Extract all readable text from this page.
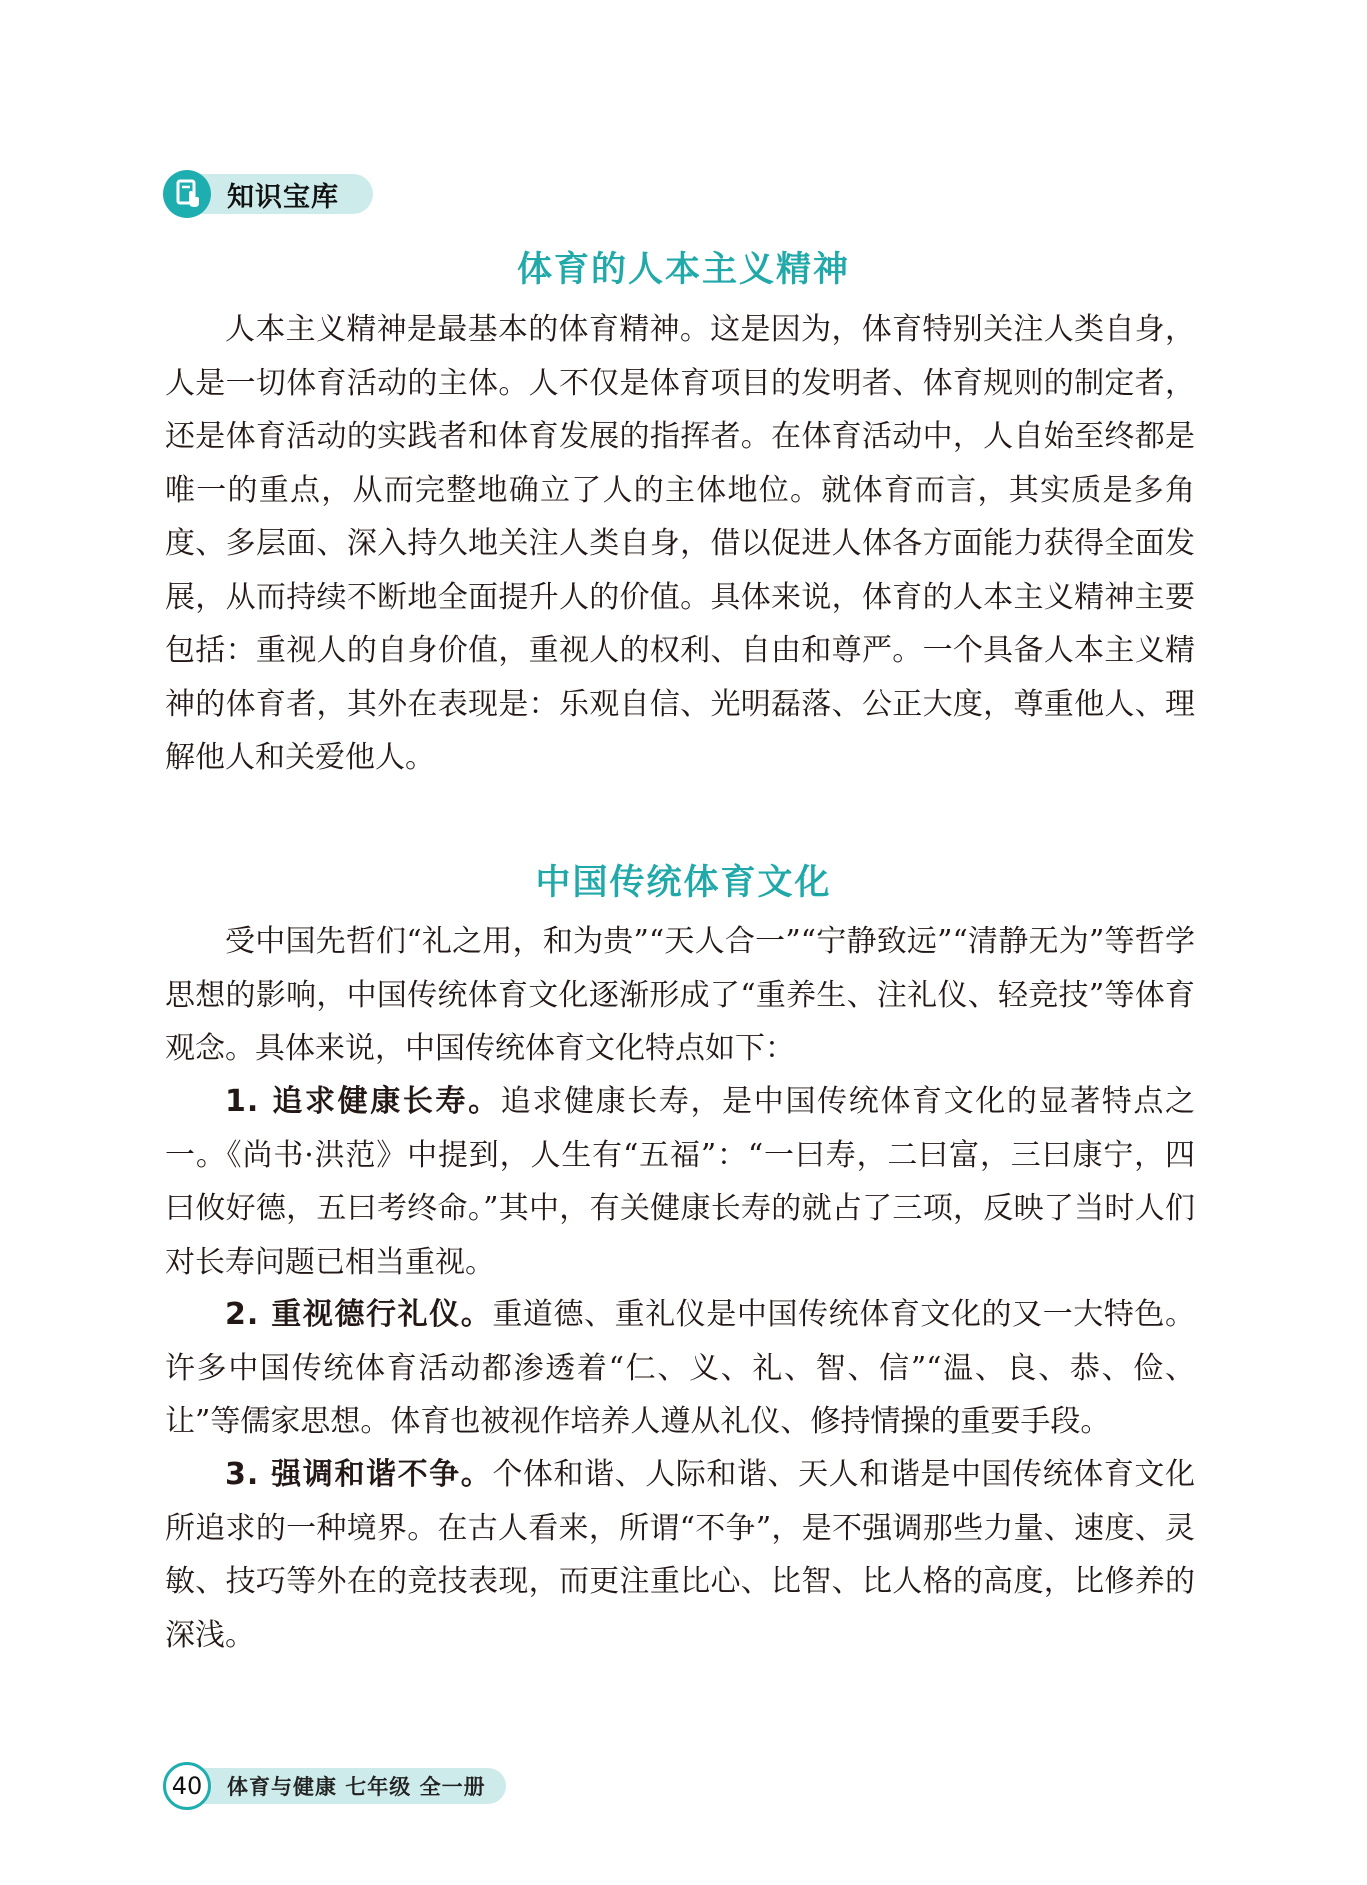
知识宝库
体育的人本主义精神

人本主义精神是最基本的体育精神。这是因为，体育特别关注人类自身，人是一切体育活动的主体。人不仅是体育项目的发明者、体育规则的制定者，还是体育活动的实践者和体育发展的指挥者。在体育活动中，人自始至终都是唯一的重点，从而完整地确立了人的主体地位。就体育而言，其实质是多角度、多层面、深入持久地关注人类自身，借以促进人体各方面能力获得全面发展，从而持续不断地全面提升人的价值。具体来说，体育的人本主义精神主要包括：重视人的自身价值，重视人的权利、自由和尊严。一个具备人本主义精神的体育者，其外在表现是：乐观自信、光明磊落、公正大度，尊重他人、理解他人和关爱他人。

中国传统体育文化

受中国先哲们“礼之用，和为贵”“天人合一”“宁静致远”“清静无为”等哲学思想的影响，中国传统体育文化逐渐形成了“重养生、注礼仪、轻竞技”等体育观念。具体来说，中国传统体育文化特点如下：

1. 追求健康长寿。追求健康长寿，是中国传统体育文化的显著特点之一。《尚书·洪范》中提到，人生有“五福”：“一曰寿，二曰富，三曰康宁，四曰攸好德，五曰考终命。”其中，有关健康长寿的就占了三项，反映了当时人们对长寿问题已相当重视。

2. 重视德行礼仪。重道德、重礼仪是中国传统体育文化的又一大特色。许多中国传统体育活动都渗透着“仁、义、礼、智、信”“温、良、恭、俭、让”等儒家思想。体育也被视作培养人遵从礼仪、修持情操的重要手段。

3. 强调和谐不争。个体和谐、人际和谐、天人和谐是中国传统体育文化所追求的一种境界。在古人看来，所谓“不争”，是不强调那些力量、速度、灵敏、技巧等外在的竞技表现，而更注重比心、比智、比人格的高度，比修养的深浅。

40	体育与健康 七年级 全一册
